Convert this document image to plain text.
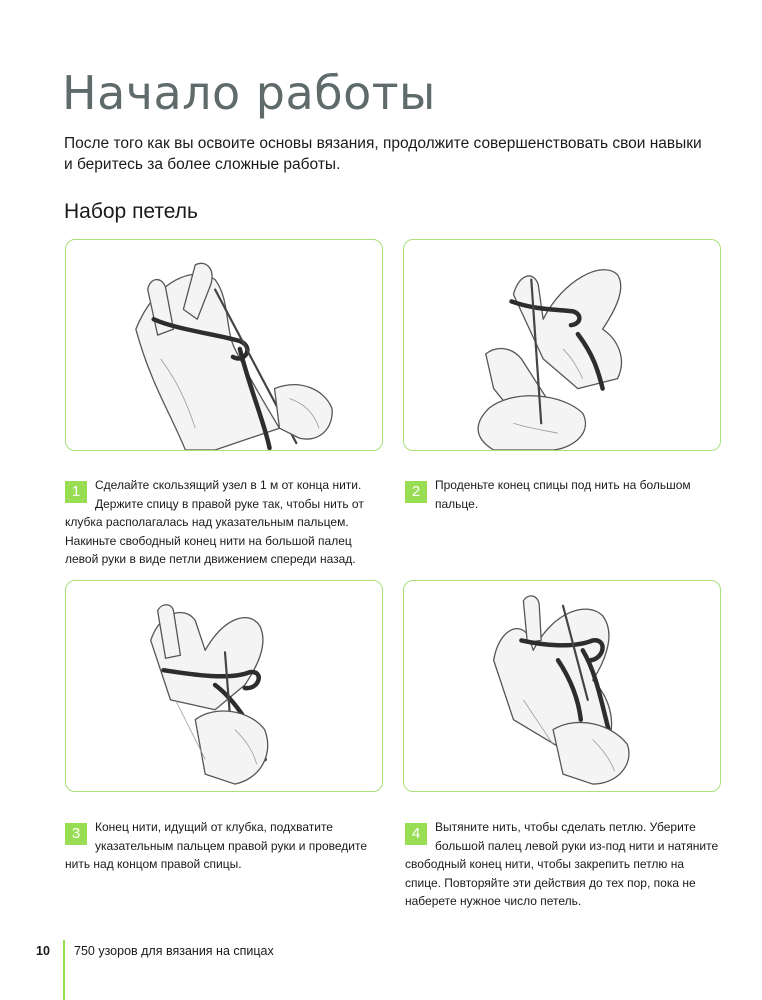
Начало работы

После того как вы освоите основы вязания, продолжите совершенствовать свои навыки и беритесь за более сложные работы.

Набор петель
1	Сделайте скользящий узел в 1 м от конца нити. Держите спицу в правой руке так, чтобы нить от клубка располагалась над указательным пальцем. Накиньте свободный конец нити на большой палец левой руки в виде петли движением спереди назад.
2	Проденьте конец спицы под нить на большом пальце.
3	Конец нити, идущий от клубка, подхватите указательным пальцем правой руки и проведите нить над концом правой спицы.
4	Вытяните нить, чтобы сделать петлю. Уберите большой палец левой руки из-под нити и натяните свободный конец нити, чтобы закрепить петлю на спице. Повторяйте эти действия до тех пор, пока не наберете нужное число петель.
10 750 узоров для вязания на спицах
